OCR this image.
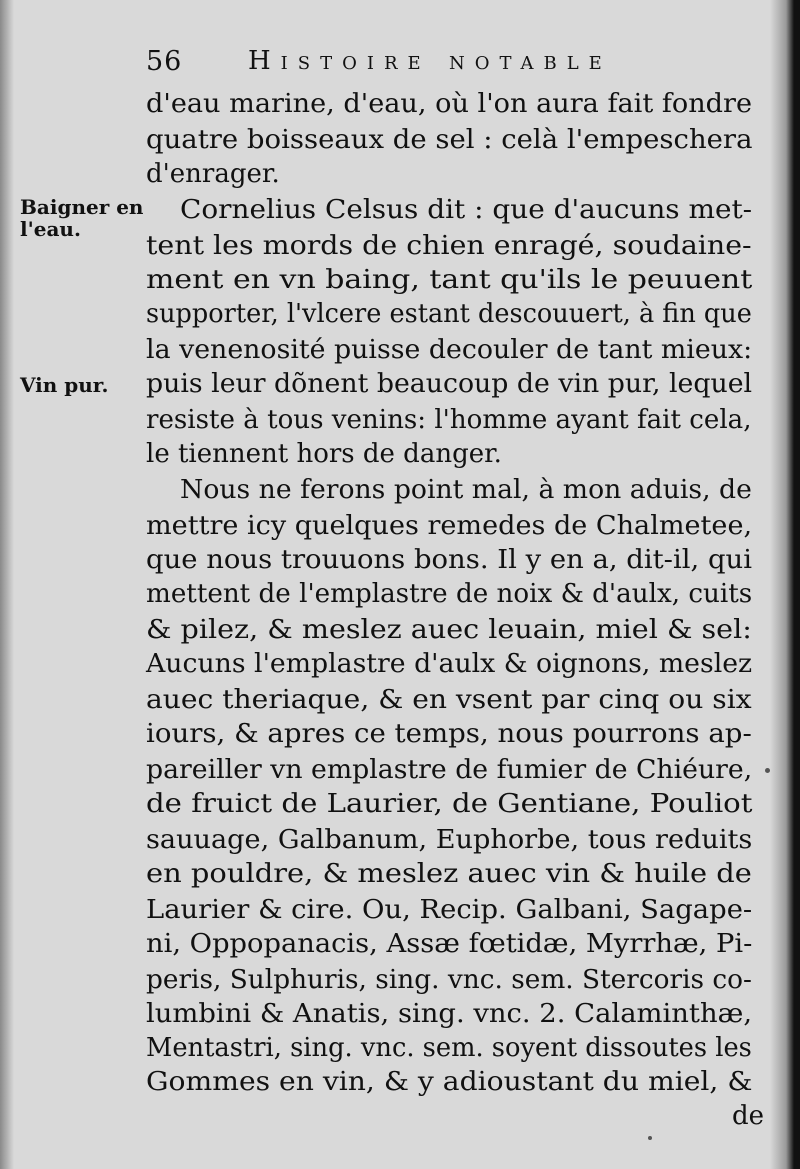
56	Histoire notable
Baigner en
l'eau.
Vin pur.
d'eau marine, d'eau, où l'on aura fait fondre
quatre boisseaux de sel : celà l'empeschera
d'enrager.
Cornelius Celsus dit : que d'aucuns met-
tent les mords de chien enragé, soudaine-
ment en vn baing, tant qu'ils le peuuent
supporter, l'vlcere estant descouuert, à fin que
la venenosité puisse decouler de tant mieux:
puis leur dõnent beaucoup de vin pur, lequel
resiste à tous venins: l'homme ayant fait cela,
le tiennent hors de danger.
Nous ne ferons point mal, à mon aduis, de
mettre icy quelques remedes de Chalmetee,
que nous trouuons bons. Il y en a, dit-il, qui
mettent de l'emplastre de noix & d'aulx, cuits
& pilez, & meslez auec leuain, miel & sel:
Aucuns l'emplastre d'aulx & oignons, meslez
auec theriaque, & en vsent par cinq ou six
iours, & apres ce temps, nous pourrons ap-
pareiller vn emplastre de fumier de Chiéure,
de fruict de Laurier, de Gentiane, Pouliot
sauuage, Galbanum, Euphorbe, tous reduits
en pouldre, & meslez auec vin & huile de
Laurier & cire. Ou, Recip. Galbani, Sagape-
ni, Oppopanacis, Assæ fœtidæ, Myrrhæ, Pi-
peris, Sulphuris, sing. vnc. sem. Stercoris co-
lumbini & Anatis, sing. vnc. 2. Calaminthæ,
Mentastri, sing. vnc. sem. soyent dissoutes les
Gommes en vin, & y adioustant du miel, &
de
